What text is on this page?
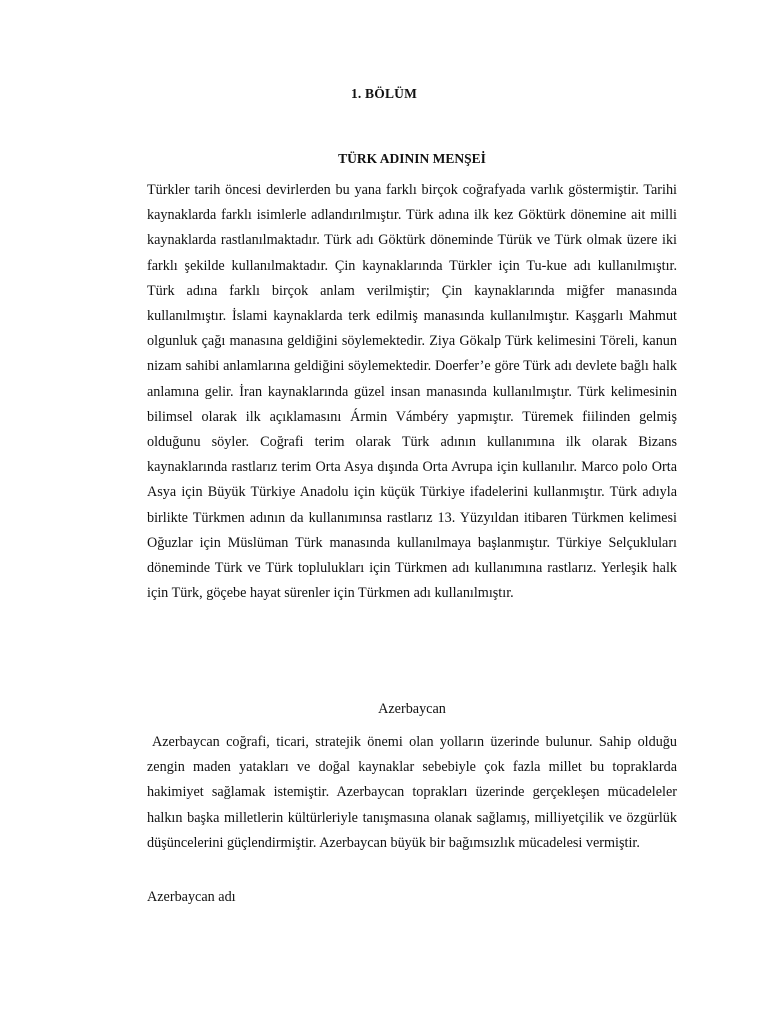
1. BÖLÜM
TÜRK ADININ MENŞEİ

Türkler tarih öncesi devirlerden bu yana farklı birçok coğrafyada varlık göstermiştir. Tarihi kaynaklarda farklı isimlerle adlandırılmıştır. Türk adına ilk kez Göktürk dönemine ait milli kaynaklarda rastlanılmaktadır. Türk adı Göktürk döneminde Türük ve Türk olmak üzere iki farklı şekilde kullanılmaktadır. Çin kaynaklarında Türkler için Tu-kue adı kullanılmıştır. Türk adına farklı birçok anlam verilmiştir; Çin kaynaklarında miğfer manasında kullanılmıştır. İslami kaynaklarda terk edilmiş manasında kullanılmıştır. Kaşgarlı Mahmut olgunluk çağı manasına geldiğini söylemektedir. Ziya Gökalp Türk kelimesini Töreli, kanun nizam sahibi anlamlarına geldiğini söylemektedir. Doerfer’e göre Türk adı devlete bağlı halk anlamına gelir. İran kaynaklarında güzel insan manasında kullanılmıştır. Türk kelimesinin bilimsel olarak ilk açıklamasını Ármin Vámbéry yapmıştır. Türemek fiilinden gelmiş olduğunu söyler. Coğrafi terim olarak Türk adının kullanımına ilk olarak Bizans kaynaklarında rastlarız terim Orta Asya dışında Orta Avrupa için kullanılır. Marco polo Orta Asya için Büyük Türkiye Anadolu için küçük Türkiye ifadelerini kullanmıştır. Türk adıyla birlikte Türkmen adının da kullanımınsa rastlarız 13. Yüzyıldan itibaren Türkmen kelimesi Oğuzlar için Müslüman Türk manasında kullanılmaya başlanmıştır. Türkiye Selçukluları döneminde Türk ve Türk toplulukları için Türkmen adı kullanımına rastlarız. Yerleşik halk için Türk, göçebe hayat sürenler için Türkmen adı kullanılmıştır.

Azerbaycan

Azerbaycan coğrafi, ticari, stratejik önemi olan yolların üzerinde bulunur. Sahip olduğu zengin maden yatakları ve doğal kaynaklar sebebiyle çok fazla millet bu topraklarda hakimiyet sağlamak istemiştir. Azerbaycan toprakları üzerinde gerçekleşen mücadeleler halkın başka milletlerin kültürleriyle tanışmasına olanak sağlamış, milliyetçilik ve özgürlük düşüncelerini güçlendirmiştir. Azerbaycan büyük bir bağımsızlık mücadelesi vermiştir.

Azerbaycan adı
